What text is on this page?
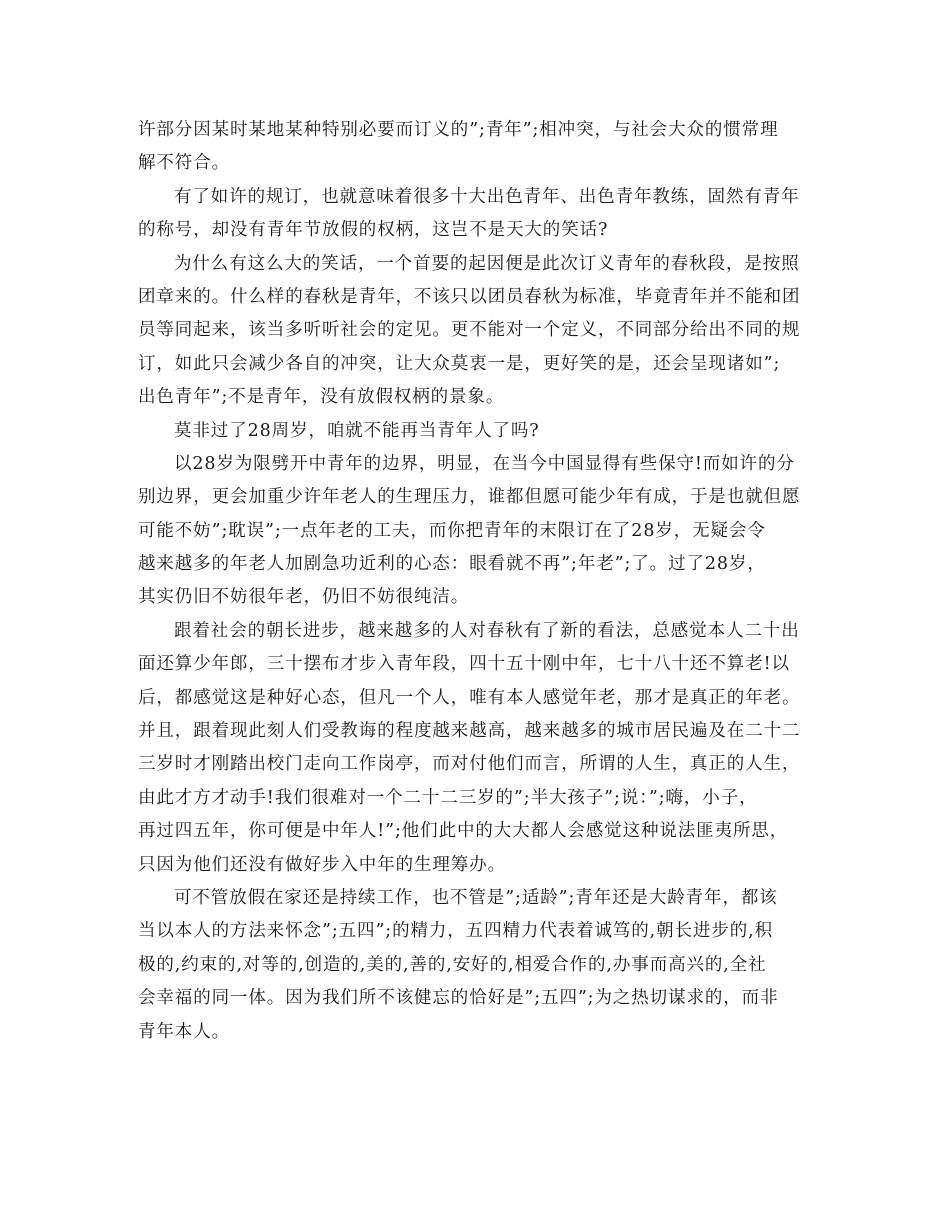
许部分因某时某地某种特别必要而订义的”;青年”;相冲突，与社会大众的惯常理
解不符合。

有了如许的规订，也就意味着很多十大出色青年、出色青年教练，固然有青年
的称号，却没有青年节放假的权柄，这岂不是天大的笑话?

为什么有这么大的笑话，一个首要的起因便是此次订义青年的春秋段，是按照
团章来的。什么样的春秋是青年，不该只以团员春秋为标准，毕竟青年并不能和团
员等同起来，该当多听听社会的定见。更不能对一个定义，不同部分给出不同的规
订，如此只会减少各自的冲突，让大众莫衷一是，更好笑的是，还会呈现诸如”;
出色青年”;不是青年，没有放假权柄的景象。

莫非过了28周岁，咱就不能再当青年人了吗?

以28岁为限劈开中青年的边界，明显，在当今中国显得有些保守!而如许的分
别边界，更会加重少许年老人的生理压力，谁都但愿可能少年有成，于是也就但愿
可能不妨”;耽误”;一点年老的工夫，而你把青年的末限订在了28岁，无疑会令
越来越多的年老人加剧急功近利的心态：眼看就不再”;年老”;了。过了28岁，
其实仍旧不妨很年老，仍旧不妨很纯洁。

跟着社会的朝长进步，越来越多的人对春秋有了新的看法，总感觉本人二十出
面还算少年郎，三十摆布才步入青年段，四十五十刚中年，七十八十还不算老!以
后，都感觉这是种好心态，但凡一个人，唯有本人感觉年老，那才是真正的年老。
并且，跟着现此刻人们受教诲的程度越来越高，越来越多的城市居民遍及在二十二
三岁时才刚踏出校门走向工作岗亭，而对付他们而言，所谓的人生，真正的人生，
由此才方才动手!我们很难对一个二十二三岁的”;半大孩子”;说：”;嗨，小子，
再过四五年，你可便是中年人!”;他们此中的大大都人会感觉这种说法匪夷所思，
只因为他们还没有做好步入中年的生理筹办。

可不管放假在家还是持续工作，也不管是”;适龄”;青年还是大龄青年，都该
当以本人的方法来怀念”;五四”;的精力，五四精力代表着诚笃的,朝长进步的,积
极的,约束的,对等的,创造的,美的,善的,安好的,相爱合作的,办事而高兴的,全社
会幸福的同一体。因为我们所不该健忘的恰好是”;五四”;为之热切谋求的，而非
青年本人。
